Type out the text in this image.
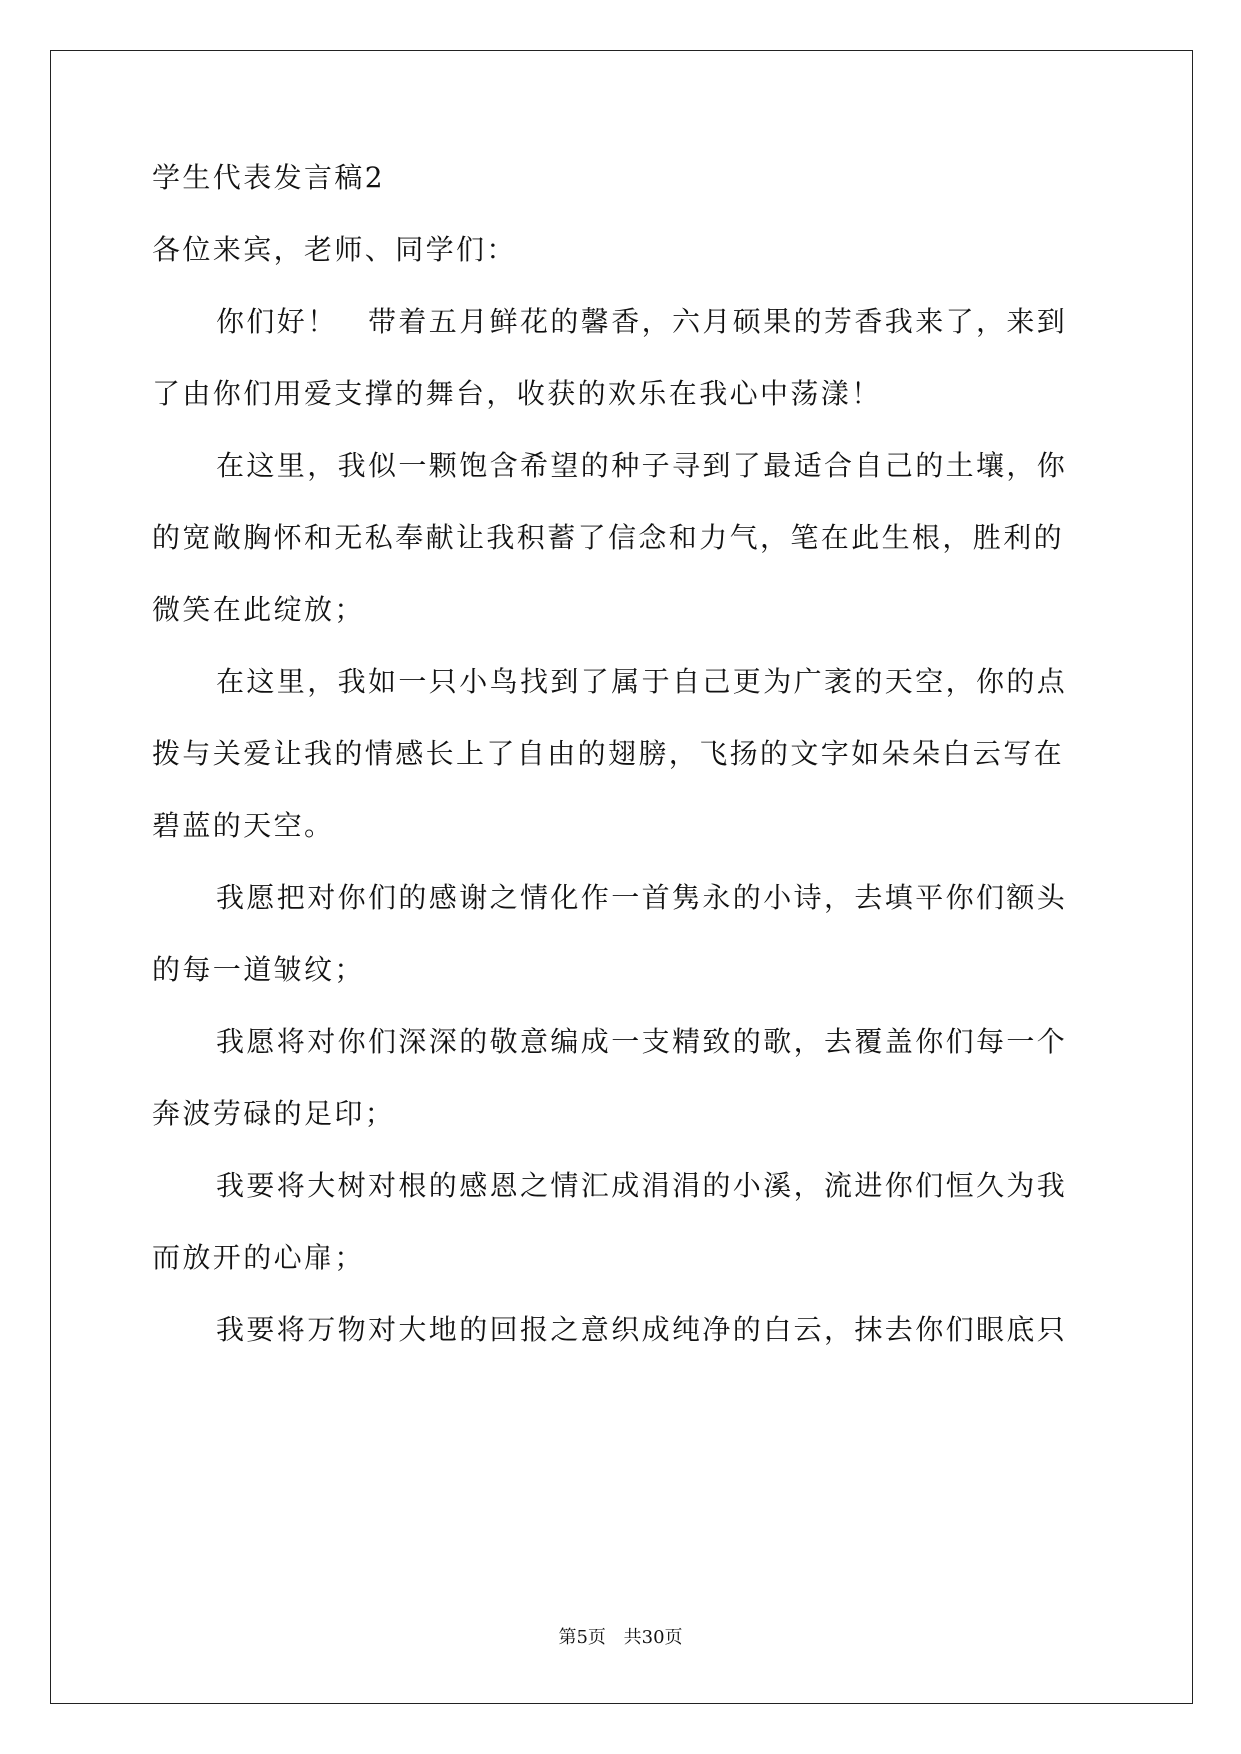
学生代表发言稿2
各位来宾，老师、同学们：
你们好！　带着五月鲜花的馨香，六月硕果的芳香我来了，来到
了由你们用爱支撑的舞台，收获的欢乐在我心中荡漾！
在这里，我似一颗饱含希望的种子寻到了最适合自己的土壤，你
的宽敞胸怀和无私奉献让我积蓄了信念和力气，笔在此生根，胜利的
微笑在此绽放；
在这里，我如一只小鸟找到了属于自己更为广袤的天空，你的点
拨与关爱让我的情感长上了自由的翅膀，飞扬的文字如朵朵白云写在
碧蓝的天空。
我愿把对你们的感谢之情化作一首隽永的小诗，去填平你们额头
的每一道皱纹；
我愿将对你们深深的敬意编成一支精致的歌，去覆盖你们每一个
奔波劳碌的足印；
我要将大树对根的感恩之情汇成涓涓的小溪，流进你们恒久为我
而放开的心扉；
我要将万物对大地的回报之意织成纯净的白云，抹去你们眼底只
第5页 共30页
